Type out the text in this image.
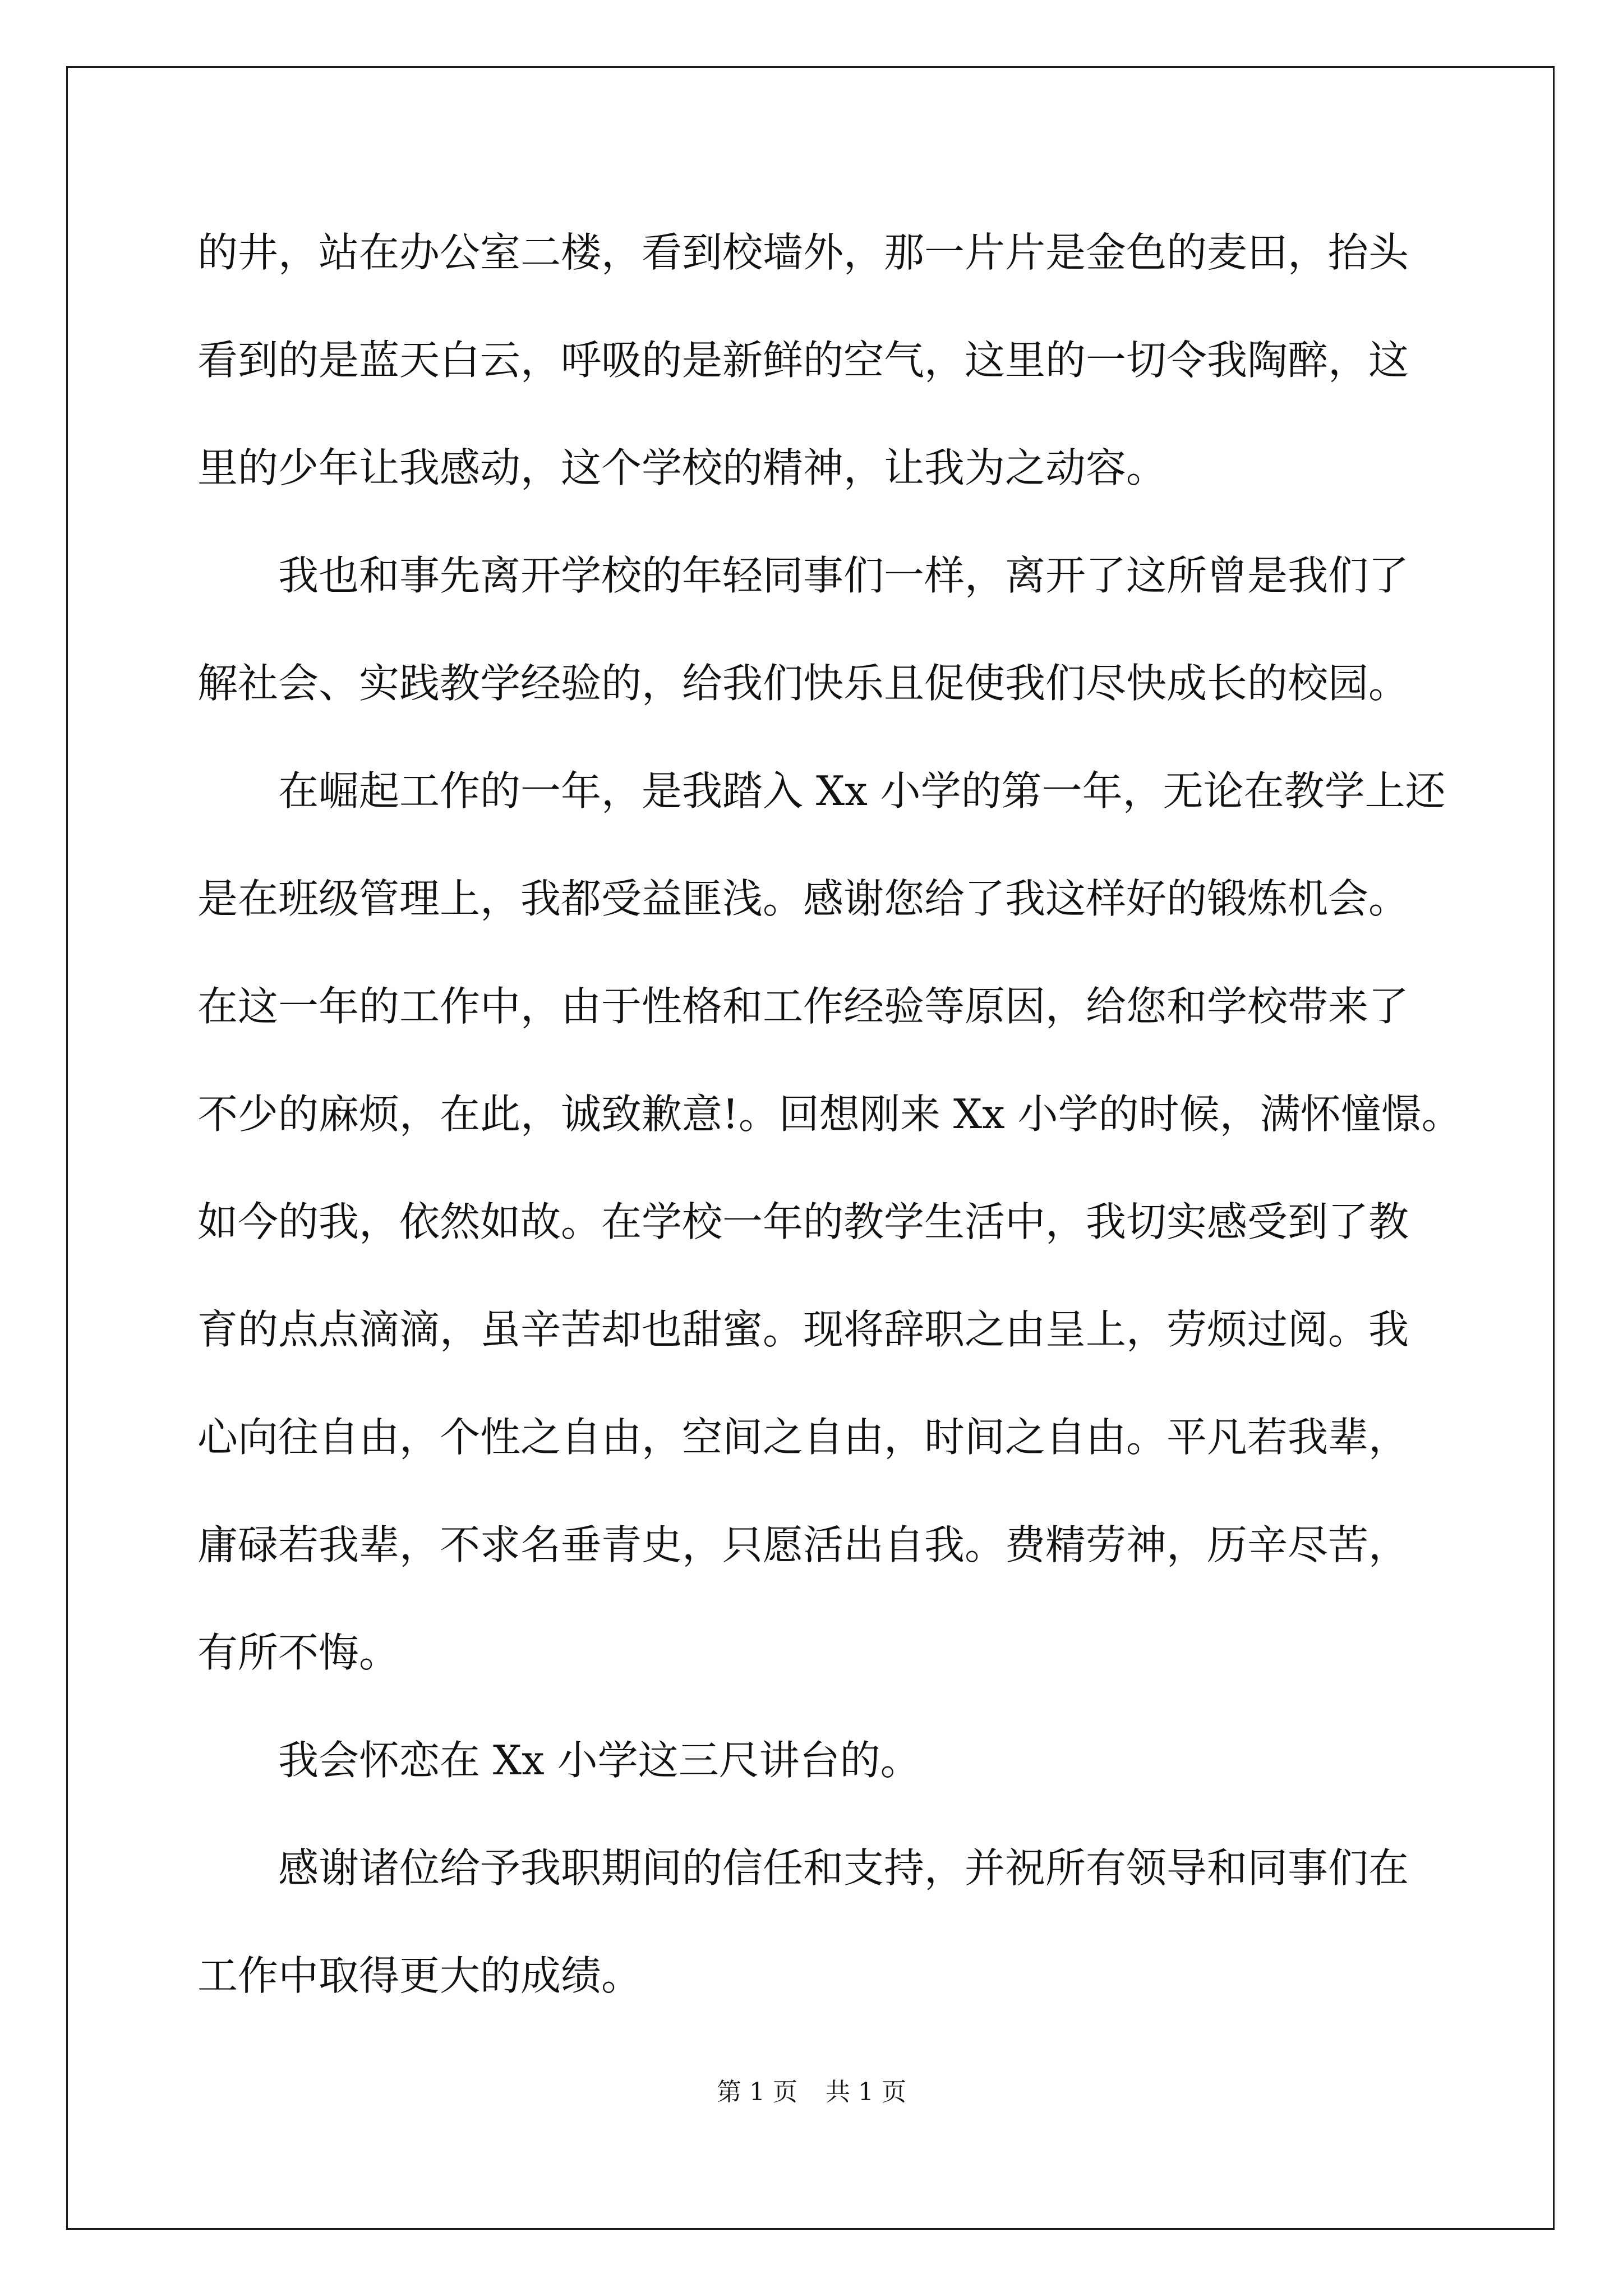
的井，站在办公室二楼，看到校墙外，那一片片是金色的麦田，抬头
看到的是蓝天白云，呼吸的是新鲜的空气，这里的一切令我陶醉，这
里的少年让我感动，这个学校的精神，让我为之动容。
　　我也和事先离开学校的年轻同事们一样，离开了这所曾是我们了
解社会、实践教学经验的，给我们快乐且促使我们尽快成长的校园。
　　在崛起工作的一年，是我踏入 Xx 小学的第一年，无论在教学上还
是在班级管理上，我都受益匪浅。感谢您给了我这样好的锻炼机会。
在这一年的工作中，由于性格和工作经验等原因，给您和学校带来了
不少的麻烦，在此，诚致歉意!。回想刚来 Xx 小学的时候，满怀憧憬。
如今的我，依然如故。在学校一年的教学生活中，我切实感受到了教
育的点点滴滴，虽辛苦却也甜蜜。现将辞职之由呈上，劳烦过阅。我
心向往自由，个性之自由，空间之自由，时间之自由。平凡若我辈，
庸碌若我辈，不求名垂青史，只愿活出自我。费精劳神，历辛尽苦，
有所不悔。
　　我会怀恋在 Xx 小学这三尺讲台的。
　　感谢诸位给予我职期间的信任和支持，并祝所有领导和同事们在
工作中取得更大的成绩。
第 1 页 共 1 页
